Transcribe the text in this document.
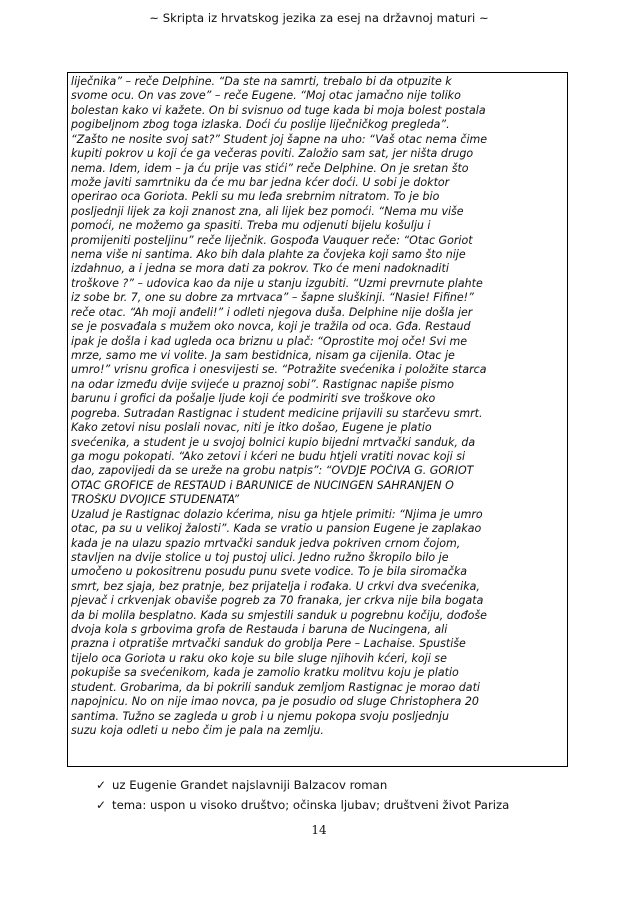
~ Skripta iz hrvatskog jezika za esej na državnoj maturi ~
liječnika” – reče Delphine. “Da ste na samrti, trebalo bi da otpuzite k
svome ocu. On vas zove” – reče Eugene. “Moj otac jamačno nije toliko
bolestan kako vi kažete. On bi svisnuo od tuge kada bi moja bolest postala
pogibeljnom zbog toga izlaska. Doći ću poslije liječničkog pregleda”.
“Zašto ne nosite svoj sat?” Student joj šapne na uho: “Vaš otac nema čime
kupiti pokrov u koji će ga večeras poviti. Založio sam sat, jer ništa drugo
nema. Idem, idem – ja ću prije vas stići” reče Delphine. On je sretan što
može javiti samrtniku da će mu bar jedna kćer doći. U sobi je doktor
operirao oca Goriota. Pekli su mu leđa srebrnim nitratom. To je bio
posljednji lijek za koji znanost zna, ali lijek bez pomoći. “Nema mu više
pomoći, ne možemo ga spasiti. Treba mu odjenuti bijelu košulju i
promijeniti posteljinu” reče liječnik. Gospođa Vauquer reče: “Otac Goriot
nema više ni santima. Ako bih dala plahte za čovjeka koji samo što nije
izdahnuo, a i jedna se mora dati za pokrov. Tko će meni nadoknaditi
troškove ?” – udovica kao da nije u stanju izgubiti. “Uzmi prevrnute plahte
iz sobe br. 7, one su dobre za mrtvaca” – šapne sluškinji. “Nasie! Fifine!”
reče otac. “Ah moji anđeli!” i odleti njegova duša. Delphine nije došla jer
se je posvađala s mužem oko novca, koji je tražila od oca. Gđa. Restaud
ipak je došla i kad ugleda oca briznu u plač: “Oprostite moj oče! Svi me
mrze, samo me vi volite. Ja sam bestidnica, nisam ga cijenila. Otac je
umro!” vrisnu grofica i onesvijesti se. “Potražite svećenika i položite starca
na odar između dvije svijeće u praznoj sobi”. Rastignac napiše pismo
barunu i grofici da pošalje ljude koji će podmiriti sve troškove oko
pogreba. Sutradan Rastignac i student medicine prijavili su starčevu smrt.
Kako zetovi nisu poslali novac, niti je itko došao, Eugene je platio
svećenika, a student je u svojoj bolnici kupio bijedni mrtvački sanduk, da
ga mogu pokopati. “Ako zetovi i kćeri ne budu htjeli vratiti novac koji si
dao, zapovijedi da se ureže na grobu natpis”: “OVDJE POČIVA G. GORIOT
OTAC GROFICE de RESTAUD i BARUNICE de NUCINGEN SAHRANJEN O
TROŠKU DVOJICE STUDENATA”
Uzalud je Rastignac dolazio kćerima, nisu ga htjele primiti: “Njima je umro
otac, pa su u velikoj žalosti”. Kada se vratio u pansion Eugene je zaplakao
kada je na ulazu spazio mrtvački sanduk jedva pokriven crnom čojom,
stavljen na dvije stolice u toj pustoj ulici. Jedno ružno škropilo bilo je
umočeno u pokositrenu posudu punu svete vodice. To je bila siromačka
smrt, bez sjaja, bez pratnje, bez prijatelja i rođaka. U crkvi dva svećenika,
pjevač i crkvenjak obaviše pogreb za 70 franaka, jer crkva nije bila bogata
da bi molila besplatno. Kada su smjestili sanduk u pogrebnu kočiju, dođoše
dvoja kola s grbovima grofa de Restauda i baruna de Nucingena, ali
prazna i otpratiše mrtvački sanduk do groblja Pere – Lachaise. Spustiše
tijelo oca Goriota u raku oko koje su bile sluge njihovih kćeri, koji se
pokupiše sa svećenikom, kada je zamolio kratku molitvu koju je platio
student. Grobarima, da bi pokrili sanduk zemljom Rastignac je morao dati
napojnicu. No on nije imao novca, pa je posudio od sluge Christophera 20
santima. Tužno se zagleda u grob i u njemu pokopa svoju posljednju
suzu koja odleti u nebo čim je pala na zemlju.
✓ uz Eugenie Grandet najslavniji Balzacov roman
✓ tema: uspon u visoko društvo; očinska ljubav; društveni život Pariza
14
